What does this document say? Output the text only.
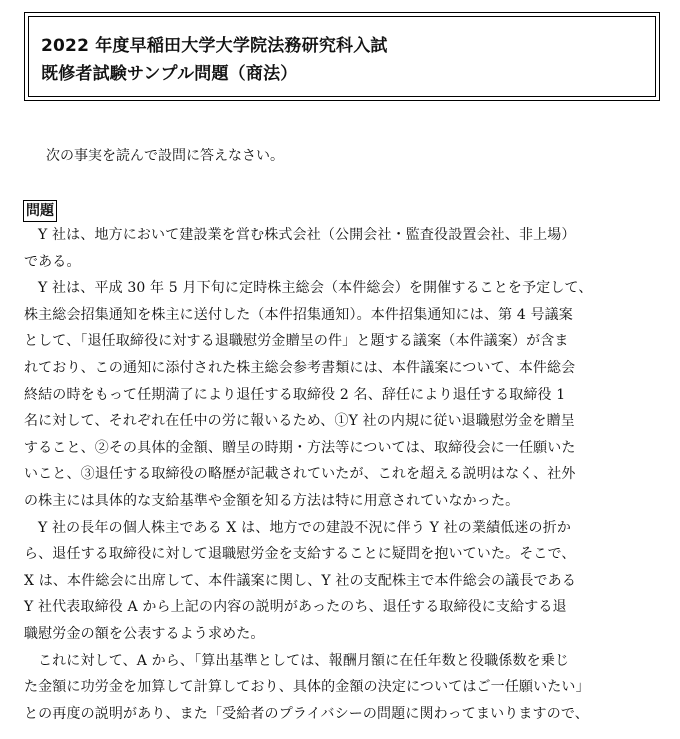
2022 年度早稲田大学大学院法務研究科入試
既修者試験サンプル問題（商法）
次の事実を読んで設問に答えなさい。
問題
Y 社は、地方において建設業を営む株式会社（公開会社・監査役設置会社、非上場）
である。
Y 社は、平成 30 年 5 月下旬に定時株主総会（本件総会）を開催することを予定して、
株主総会招集通知を株主に送付した（本件招集通知）。本件招集通知には、第 4 号議案
として、「退任取締役に対する退職慰労金贈呈の件」と題する議案（本件議案）が含ま
れており、この通知に添付された株主総会参考書類には、本件議案について、本件総会
終結の時をもって任期満了により退任する取締役 2 名、辞任により退任する取締役 1
名に対して、それぞれ在任中の労に報いるため、①Y 社の内規に従い退職慰労金を贈呈
すること、②その具体的金額、贈呈の時期・方法等については、取締役会に一任願いた
いこと、③退任する取締役の略歴が記載されていたが、これを超える説明はなく、社外
の株主には具体的な支給基準や金額を知る方法は特に用意されていなかった。
Y 社の長年の個人株主である X は、地方での建設不況に伴う Y 社の業績低迷の折か
ら、退任する取締役に対して退職慰労金を支給することに疑問を抱いていた。そこで、
X は、本件総会に出席して、本件議案に関し、Y 社の支配株主で本件総会の議長である
Y 社代表取締役 A から上記の内容の説明があったのち、退任する取締役に支給する退
職慰労金の額を公表するよう求めた。
これに対して、A から、「算出基準としては、報酬月額に在任年数と役職係数を乗じ
た金額に功労金を加算して計算しており、具体的金額の決定についてはご一任願いたい」
との再度の説明があり、また「受給者のプライバシーの問題に関わってまいりますので、
